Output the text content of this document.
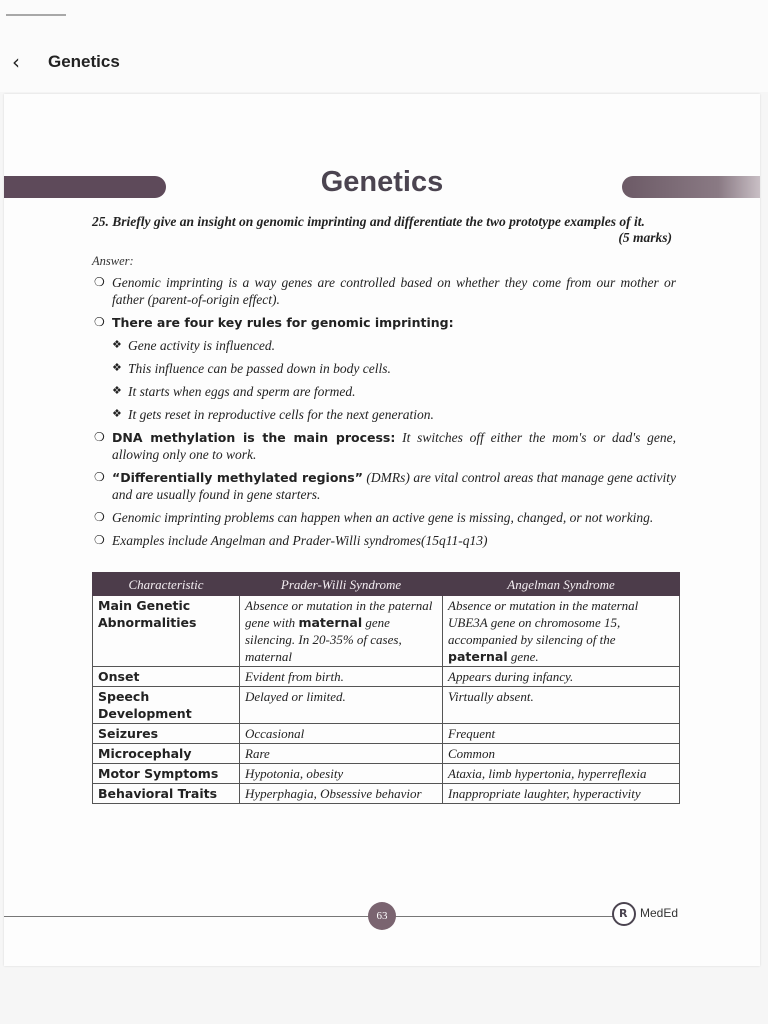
‹ Genetics
Genetics
25. Briefly give an insight on genomic imprinting and differentiate the two prototype examples of it.
(5 marks)
Answer:
❍ Genomic imprinting is a way genes are controlled based on whether they come from our mother or father (parent-of-origin effect).
❍ There are four key rules for genomic imprinting:
❖ Gene activity is influenced.
❖ This influence can be passed down in body cells.
❖ It starts when eggs and sperm are formed.
❖ It gets reset in reproductive cells for the next generation.
❍ DNA methylation is the main process: It switches off either the mom's or dad's gene, allowing only one to work.
❍ “Differentially methylated regions” (DMRs) are vital control areas that manage gene activity and are usually found in gene starters.
❍ Genomic imprinting problems can happen when an active gene is missing, changed, or not working.
❍ Examples include Angelman and Prader-Willi syndromes(15q11-q13)
Characteristic	Prader-Willi Syndrome	Angelman Syndrome
Main Genetic Abnormalities	Absence or mutation in the paternal gene with maternal gene silencing. In 20-35% of cases, maternal	Absence or mutation in the maternal UBE3A gene on chromosome 15, accompanied by silencing of the paternal gene.
Onset	Evident from birth.	Appears during infancy.
Speech Development	Delayed or limited.	Virtually absent.
Seizures	Occasional	Frequent
Microcephaly	Rare	Common
Motor Symptoms	Hypotonia, obesity	Ataxia, limb hypertonia, hyperreflexia
Behavioral Traits	Hyperphagia, Obsessive behavior	Inappropriate laughter, hyperactivity
63	R MedEd
